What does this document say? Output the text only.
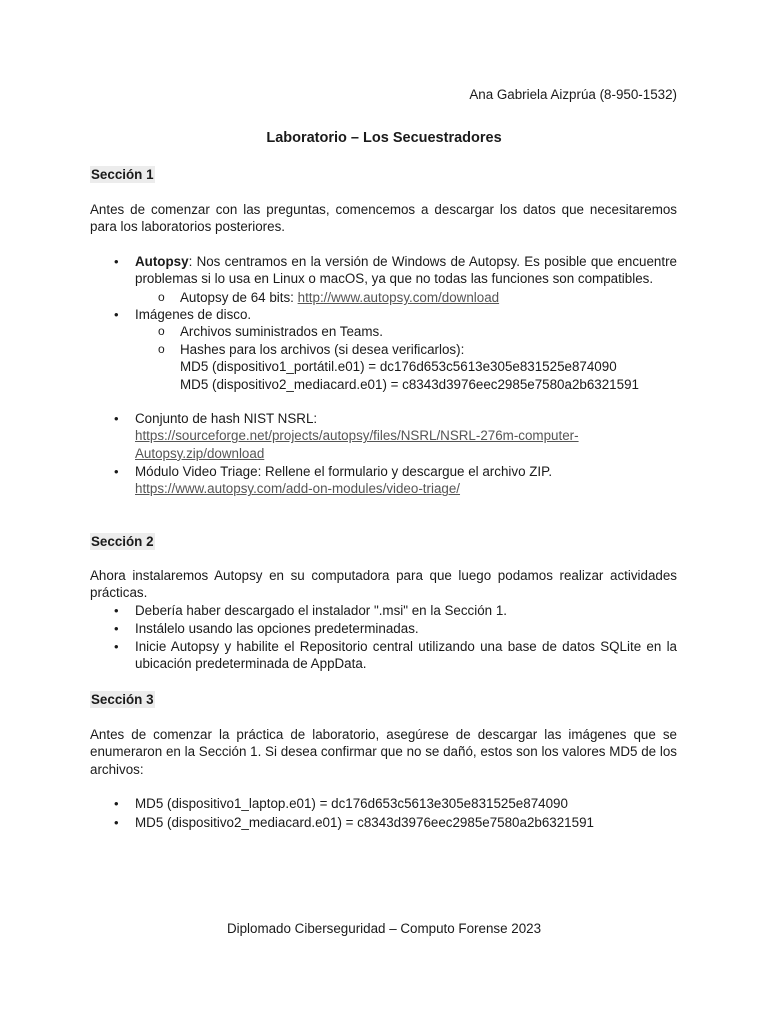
Ana Gabriela Aizprúa (8-950-1532)
Laboratorio – Los Secuestradores
Sección 1
Antes de comenzar con las preguntas, comencemos a descargar los datos que necesitaremos para los laboratorios posteriores.
•	Autopsy: Nos centramos en la versión de Windows de Autopsy. Es posible que encuentre problemas si lo usa en Linux o macOS, ya que no todas las funciones son compatibles.
o Autopsy de 64 bits: http://www.autopsy.com/download
•	Imágenes de disco.
o Archivos suministrados en Teams.
o Hashes para los archivos (si desea verificarlos):
MD5 (dispositivo1_portátil.e01) = dc176d653c5613e305e831525e874090
MD5 (dispositivo2_mediacard.e01) = c8343d3976eec2985e7580a2b6321591
•	Conjunto de hash NIST NSRL:
https://sourceforge.net/projects/autopsy/files/NSRL/NSRL-276m-computer-
Autopsy.zip/download
•	Módulo Video Triage: Rellene el formulario y descargue el archivo ZIP.
https://www.autopsy.com/add-on-modules/video-triage/
Sección 2
Ahora instalaremos Autopsy en su computadora para que luego podamos realizar actividades prácticas.
•	Debería haber descargado el instalador ".msi" en la Sección 1.
•	Instálelo usando las opciones predeterminadas.
•	Inicie Autopsy y habilite el Repositorio central utilizando una base de datos SQLite en la ubicación predeterminada de AppData.
Sección 3
Antes de comenzar la práctica de laboratorio, asegúrese de descargar las imágenes que se enumeraron en la Sección 1. Si desea confirmar que no se dañó, estos son los valores MD5 de los archivos:
•	MD5 (dispositivo1_laptop.e01) = dc176d653c5613e305e831525e874090
•	MD5 (dispositivo2_mediacard.e01) = c8343d3976eec2985e7580a2b6321591
Diplomado Ciberseguridad – Computo Forense 2023
